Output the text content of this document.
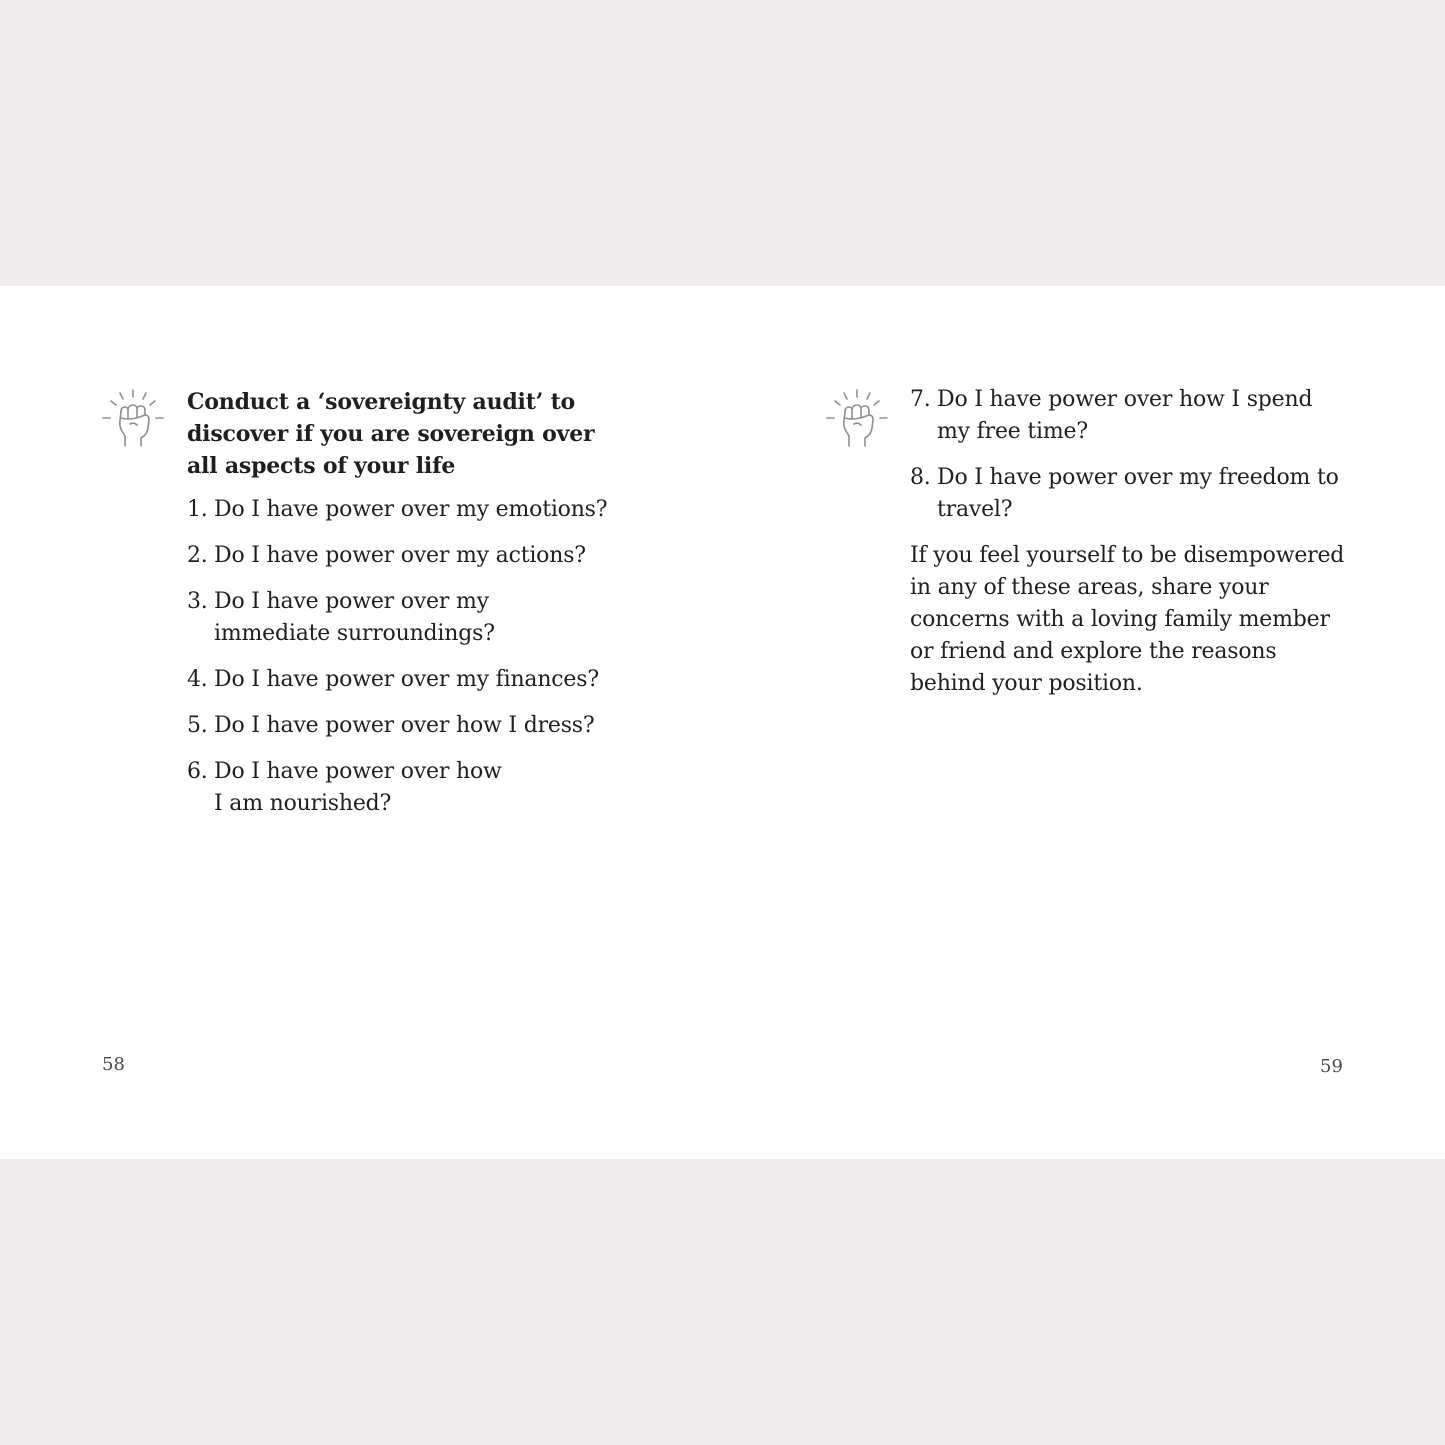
Conduct a ‘sovereignty audit’ to discover if you are sovereign over all aspects of your life
1. Do I have power over my emotions?
2. Do I have power over my actions?
3. Do I have power over my immediate surroundings?
4. Do I have power over my finances?
5. Do I have power over how I dress?
6. Do I have power over how I am nourished?
58
7. Do I have power over how I spend my free time?
8. Do I have power over my freedom to travel?

If you feel yourself to be disempowered in any of these areas, share your concerns with a loving family member or friend and explore the reasons behind your position.

59
